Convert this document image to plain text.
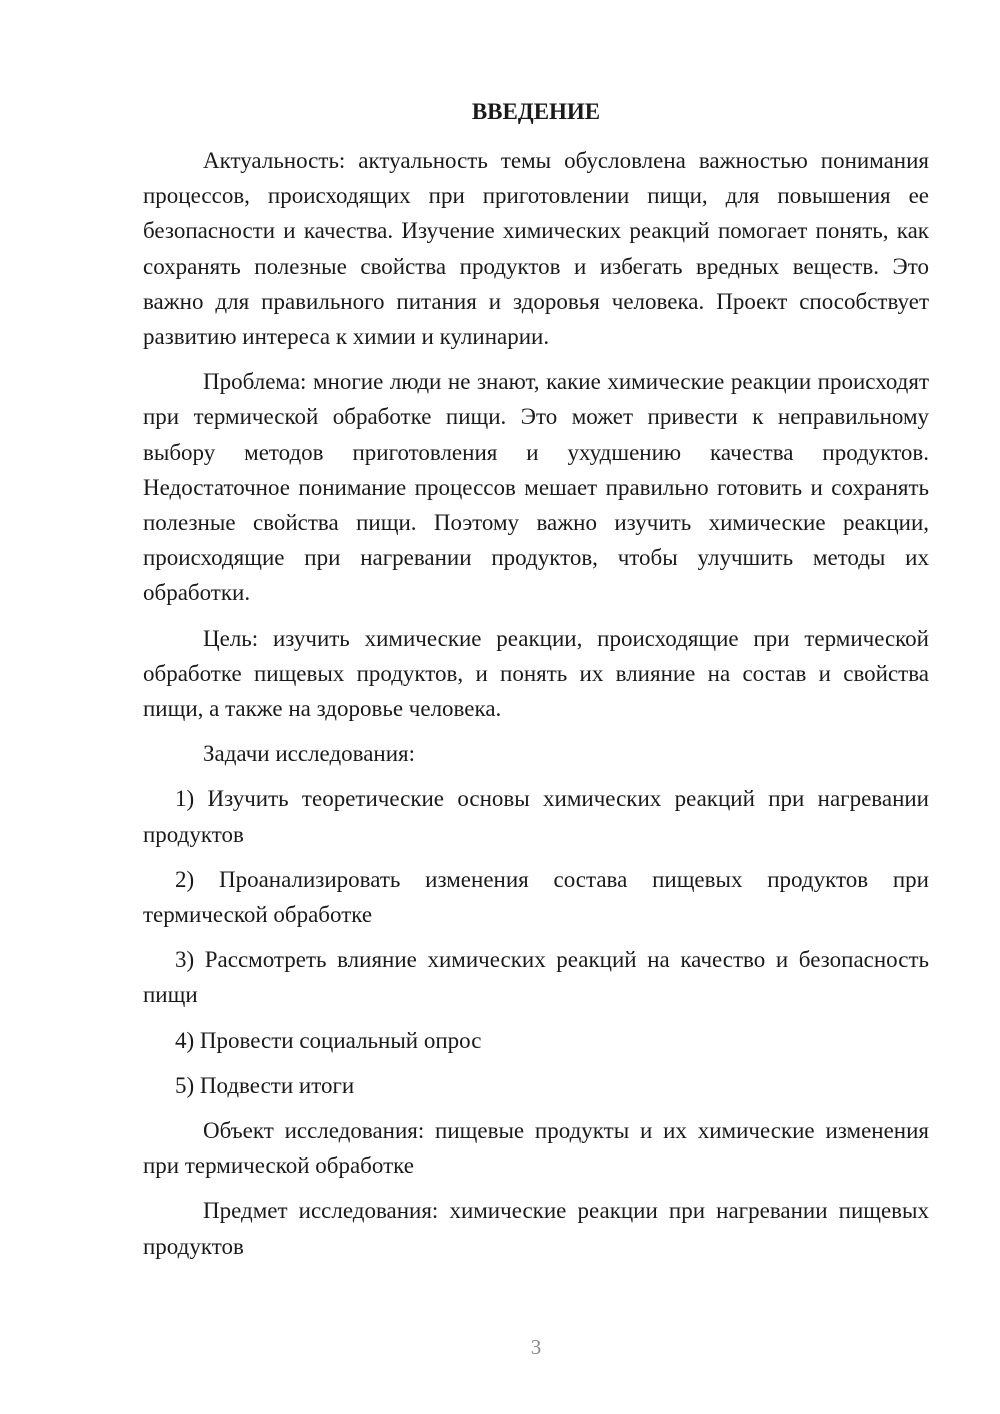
ВВЕДЕНИЕ

Актуальность: актуальность темы обусловлена важностью понимания процессов, происходящих при приготовлении пищи, для повышения ее безопасности и качества. Изучение химических реакций помогает понять, как сохранять полезные свойства продуктов и избегать вредных веществ. Это важно для правильного питания и здоровья человека. Проект способствует развитию интереса к химии и кулинарии.

Проблема: многие люди не знают, какие химические реакции происходят при термической обработке пищи. Это может привести к неправильному выбору методов приготовления и ухудшению качества продуктов. Недостаточное понимание процессов мешает правильно готовить и сохранять полезные свойства пищи. Поэтому важно изучить химические реакции, происходящие при нагревании продуктов, чтобы улучшить методы их обработки.

Цель: изучить химические реакции, происходящие при термической обработке пищевых продуктов, и понять их влияние на состав и свойства пищи, а также на здоровье человека.

Задачи исследования:

1) Изучить теоретические основы химических реакций при нагревании продуктов

2) Проанализировать изменения состава пищевых продуктов при термической обработке

3) Рассмотреть влияние химических реакций на качество и безопасность пищи

4) Провести социальный опрос

5) Подвести итоги

Объект исследования: пищевые продукты и их химические изменения при термической обработке

Предмет исследования: химические реакции при нагревании пищевых продуктов

3
